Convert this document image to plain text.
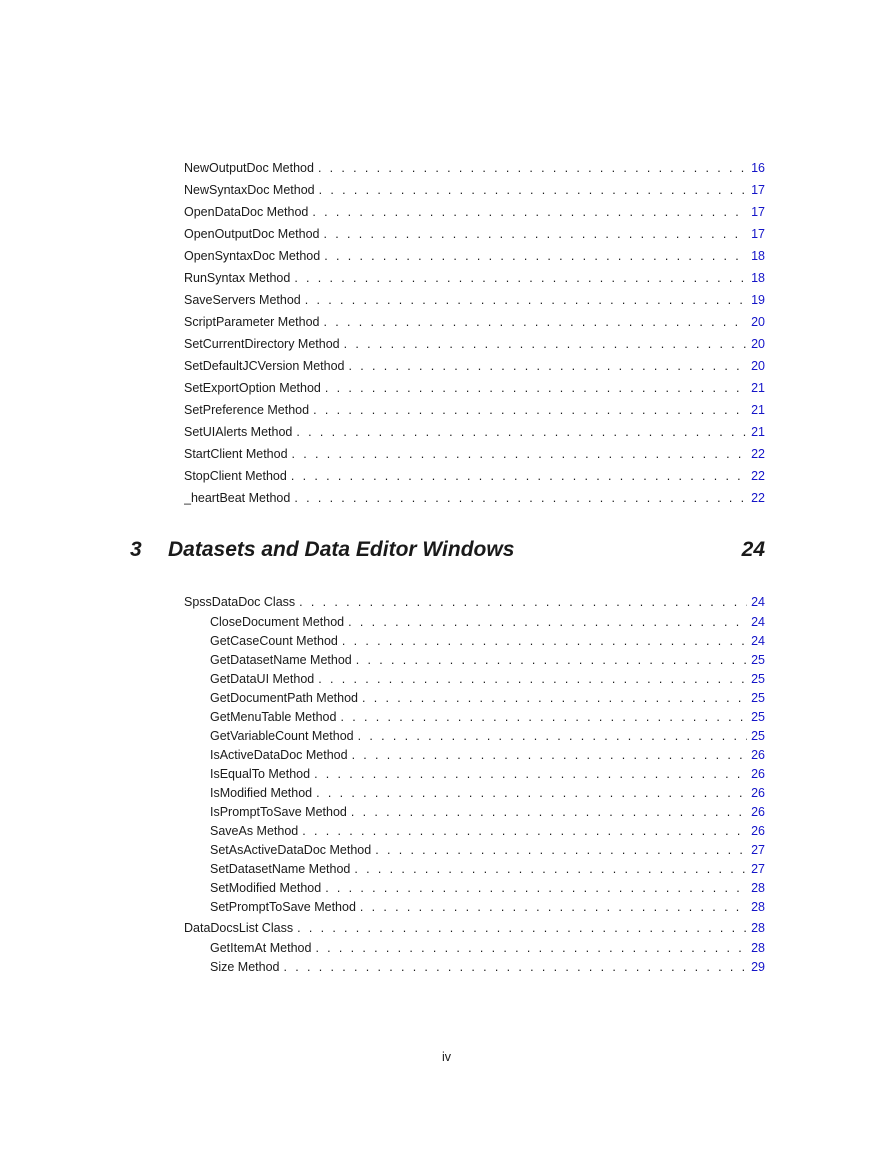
NewOutputDoc Method . . .	16
NewSyntaxDoc Method . . .	17
OpenDataDoc Method . . .	17
OpenOutputDoc Method . . .	17
OpenSyntaxDoc Method . . .	18
RunSyntax Method . . .	18
SaveServers Method . . .	19
ScriptParameter Method . . .	20
SetCurrentDirectory Method . . .	20
SetDefaultJCVersion Method . . .	20
SetExportOption Method . . .	21
SetPreference Method . . .	21
SetUIAlerts Method . . .	21
StartClient Method . . .	22
StopClient Method . . .	22
_heartBeat Method . . .	22
3	Datasets and Data Editor Windows	24
SpssDataDoc Class . . .	24
CloseDocument Method . . .	24
GetCaseCount Method . . .	24
GetDatasetName Method . . .	25
GetDataUI Method . . .	25
GetDocumentPath Method . . .	25
GetMenuTable Method . . .	25
GetVariableCount Method . . .	25
IsActiveDataDoc Method . . .	26
IsEqualTo Method . . .	26
IsModified Method . . .	26
IsPromptToSave Method . . .	26
SaveAs Method . . .	26
SetAsActiveDataDoc Method . . .	27
SetDatasetName Method . . .	27
SetModified Method . . .	28
SetPromptToSave Method . . .	28
DataDocsList Class . . .	28
GetItemAt Method . . .	28
Size Method . . .	29
iv
